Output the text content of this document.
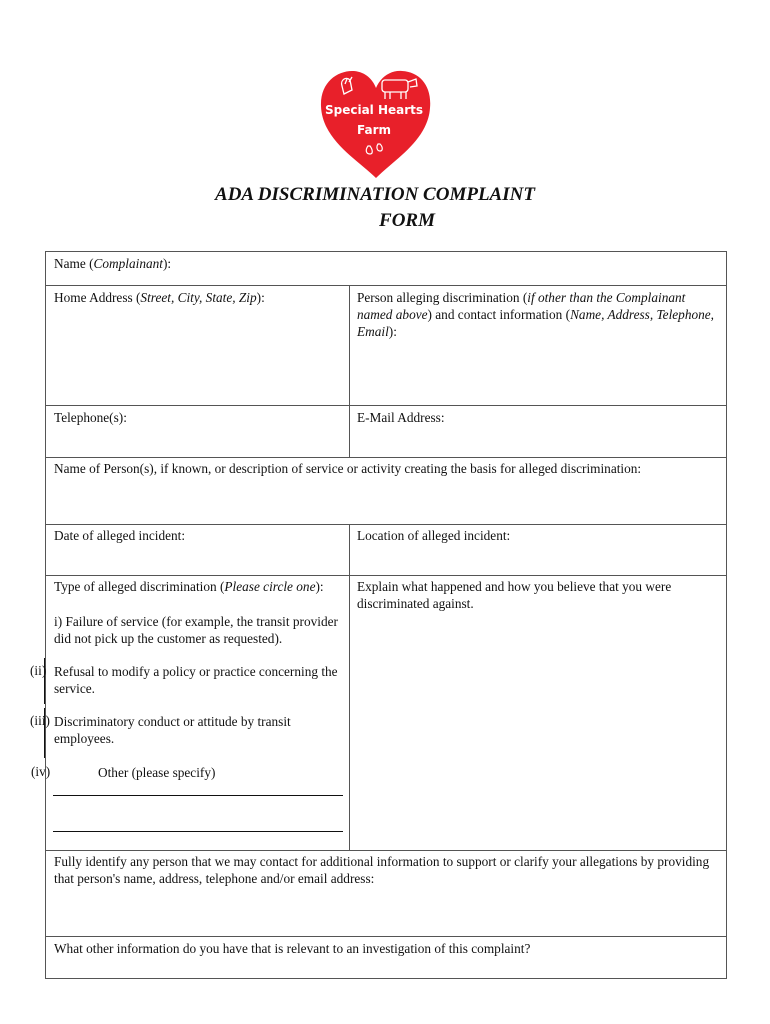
Special Hearts
Farm
ADA DISCRIMINATION COMPLAINT
FORM
Name (Complainant):
Home Address (Street, City, State, Zip):	Person alleging discrimination (if other than the Complainant named above) and contact information (Name, Address, Telephone, Email):
Telephone(s):	E-Mail Address:
Name of Person(s), if known, or description of service or activity creating the basis for alleged discrimination:
Date of alleged incident:	Location of alleged incident:
Type of alleged discrimination (Please circle one):	Explain what happened and how you believe that you were discriminated against.
i) Failure of service (for example, the transit provider did not pick up the customer as requested).
Refusal to modify a policy or practice concerning the service.
Discriminatory conduct or attitude by transit employees.
Other (please specify)
Fully identify any person that we may contact for additional information to support or clarify your allegations by providing that person's name, address, telephone and/or email address:
What other information do you have that is relevant to an investigation of this complaint?
(ii)
(iii)
(iv)
